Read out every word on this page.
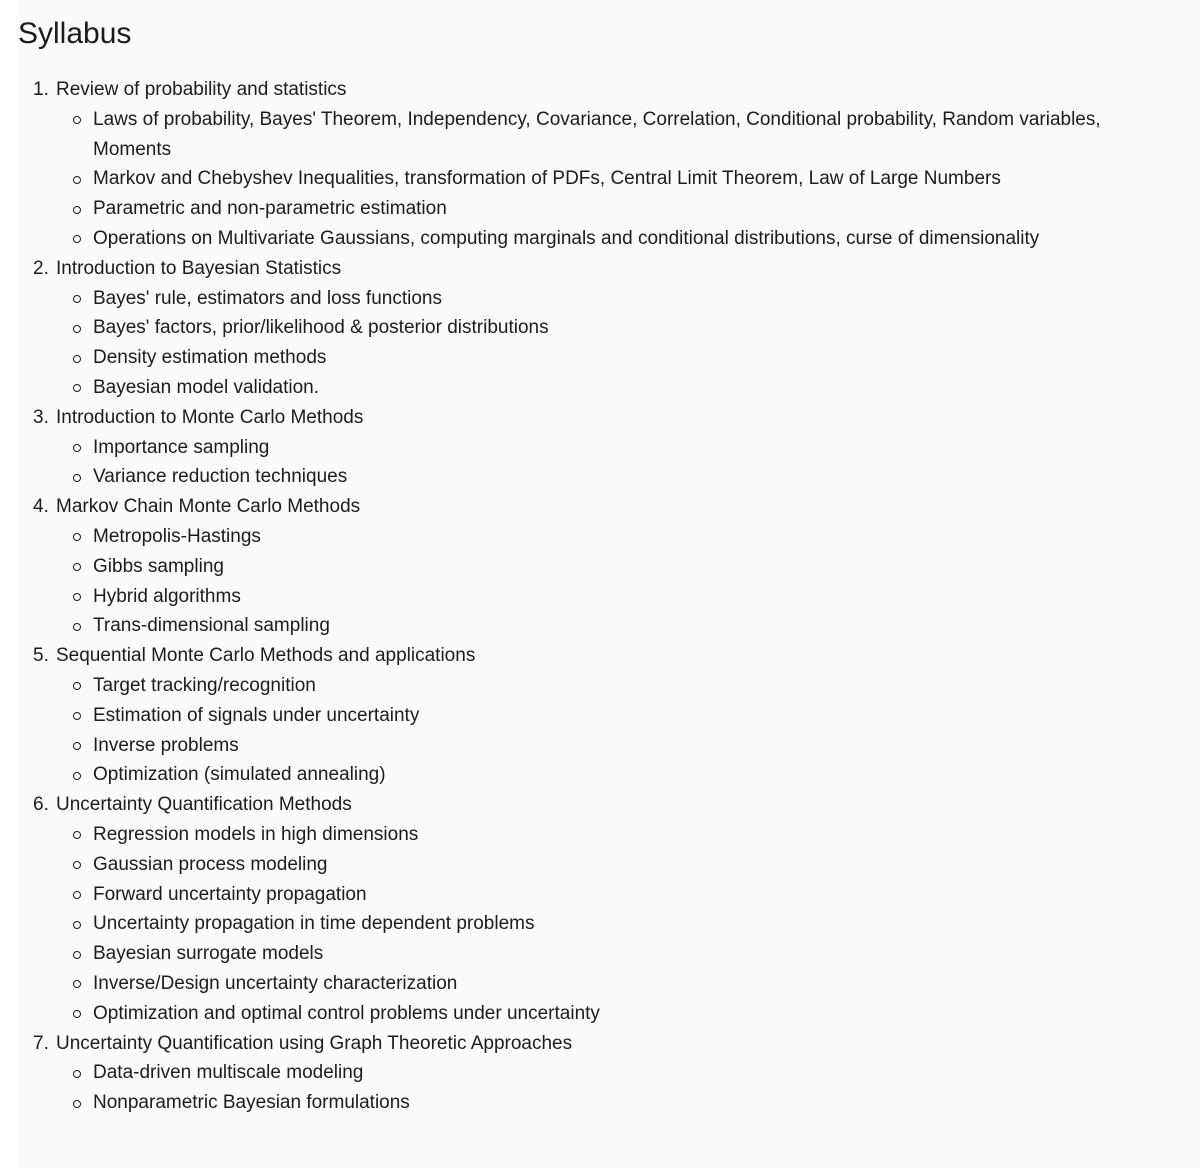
Syllabus
1. Review of probability and statistics
Laws of probability, Bayes' Theorem, Independency, Covariance, Correlation, Conditional probability, Random variables, Moments
Markov and Chebyshev Inequalities, transformation of PDFs, Central Limit Theorem, Law of Large Numbers
Parametric and non-parametric estimation
Operations on Multivariate Gaussians, computing marginals and conditional distributions, curse of dimensionality
2. Introduction to Bayesian Statistics
Bayes' rule, estimators and loss functions
Bayes' factors, prior/likelihood & posterior distributions
Density estimation methods
Bayesian model validation.
3. Introduction to Monte Carlo Methods
Importance sampling
Variance reduction techniques
4. Markov Chain Monte Carlo Methods
Metropolis-Hastings
Gibbs sampling
Hybrid algorithms
Trans-dimensional sampling
5. Sequential Monte Carlo Methods and applications
Target tracking/recognition
Estimation of signals under uncertainty
Inverse problems
Optimization (simulated annealing)
6. Uncertainty Quantification Methods
Regression models in high dimensions
Gaussian process modeling
Forward uncertainty propagation
Uncertainty propagation in time dependent problems
Bayesian surrogate models
Inverse/Design uncertainty characterization
Optimization and optimal control problems under uncertainty
7. Uncertainty Quantification using Graph Theoretic Approaches
Data-driven multiscale modeling
Nonparametric Bayesian formulations
